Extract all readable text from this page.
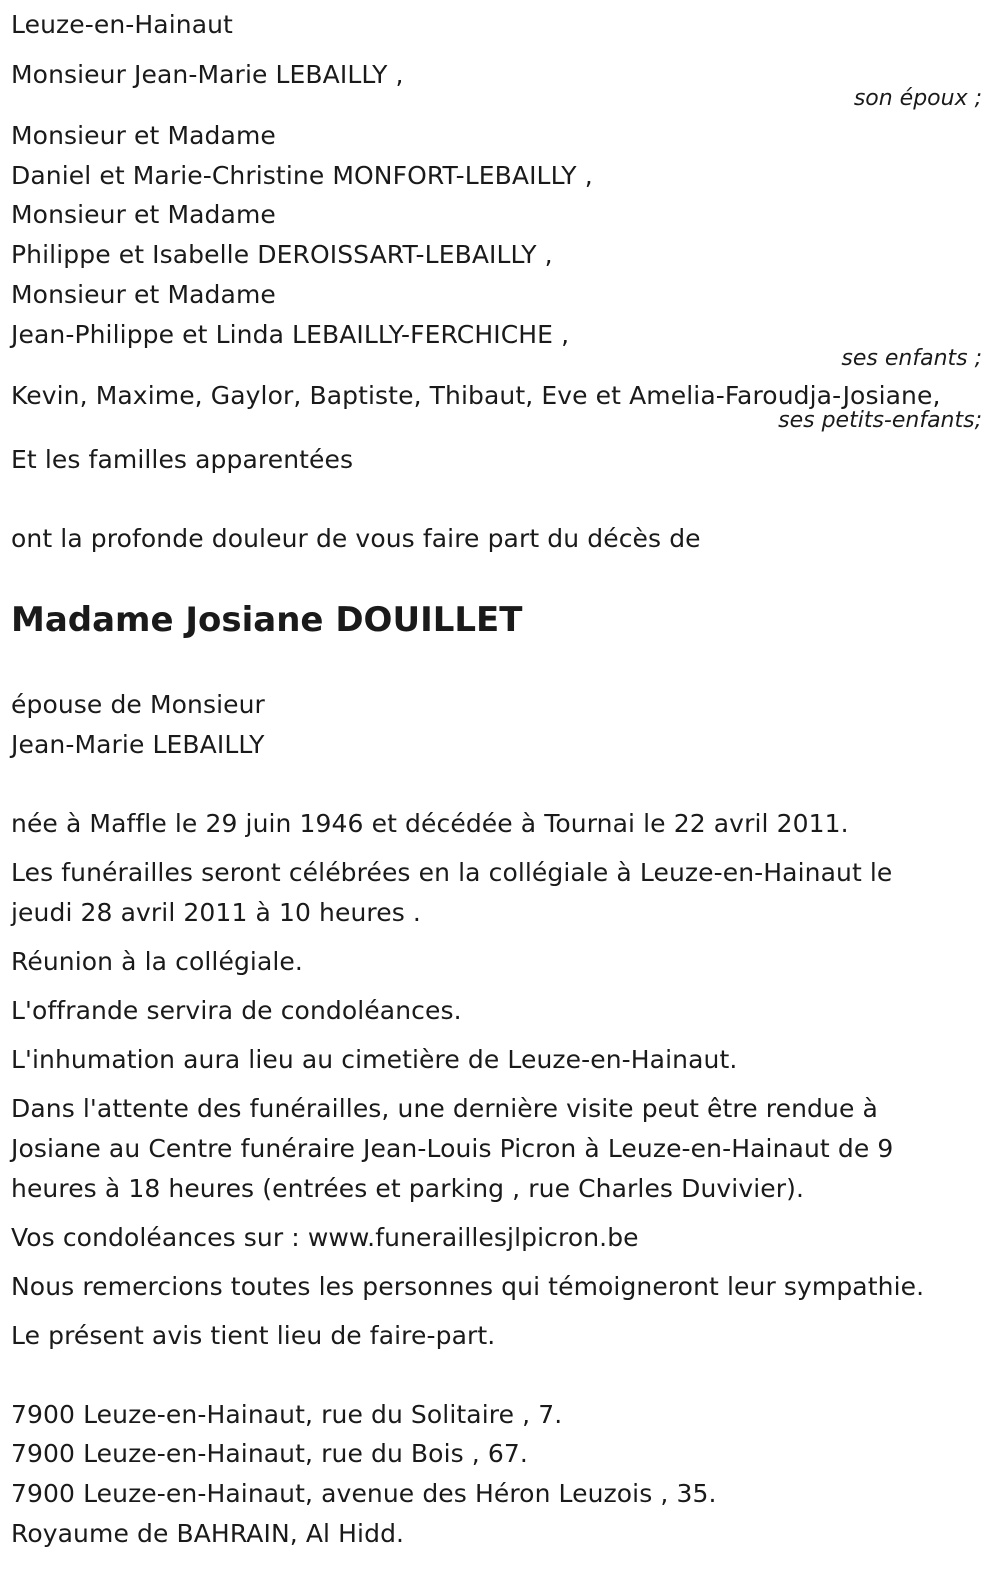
Leuze-en-Hainaut
Monsieur Jean-Marie LEBAILLY ,
son époux ;
Monsieur et Madame
Daniel et Marie-Christine MONFORT-LEBAILLY ,
Monsieur et Madame
Philippe et Isabelle DEROISSART-LEBAILLY ,
Monsieur et Madame
Jean-Philippe et Linda LEBAILLY-FERCHICHE ,
ses enfants ;
Kevin, Maxime, Gaylor, Baptiste, Thibaut, Eve et Amelia-Faroudja-Josiane,
ses petits-enfants;
Et les familles apparentées
ont la profonde douleur de vous faire part du décès de
Madame Josiane DOUILLET
épouse de Monsieur
Jean-Marie LEBAILLY
née à Maffle le 29 juin 1946 et décédée à Tournai le 22 avril 2011.
Les funérailles seront célébrées en la collégiale à Leuze-en-Hainaut le
jeudi 28 avril 2011 à 10 heures .
Réunion à la collégiale.
L'offrande servira de condoléances.
L'inhumation aura lieu au cimetière de Leuze-en-Hainaut.
Dans l'attente des funérailles, une dernière visite peut être rendue à
Josiane au Centre funéraire Jean-Louis Picron à Leuze-en-Hainaut de 9
heures à 18 heures (entrées et parking , rue Charles Duvivier).
Vos condoléances sur : www.funeraillesjlpicron.be
Nous remercions toutes les personnes qui témoigneront leur sympathie.
Le présent avis tient lieu de faire-part.
7900 Leuze-en-Hainaut, rue du Solitaire , 7.
7900 Leuze-en-Hainaut, rue du Bois , 67.
7900 Leuze-en-Hainaut, avenue des Héron Leuzois , 35.
Royaume de BAHRAIN, Al Hidd.
